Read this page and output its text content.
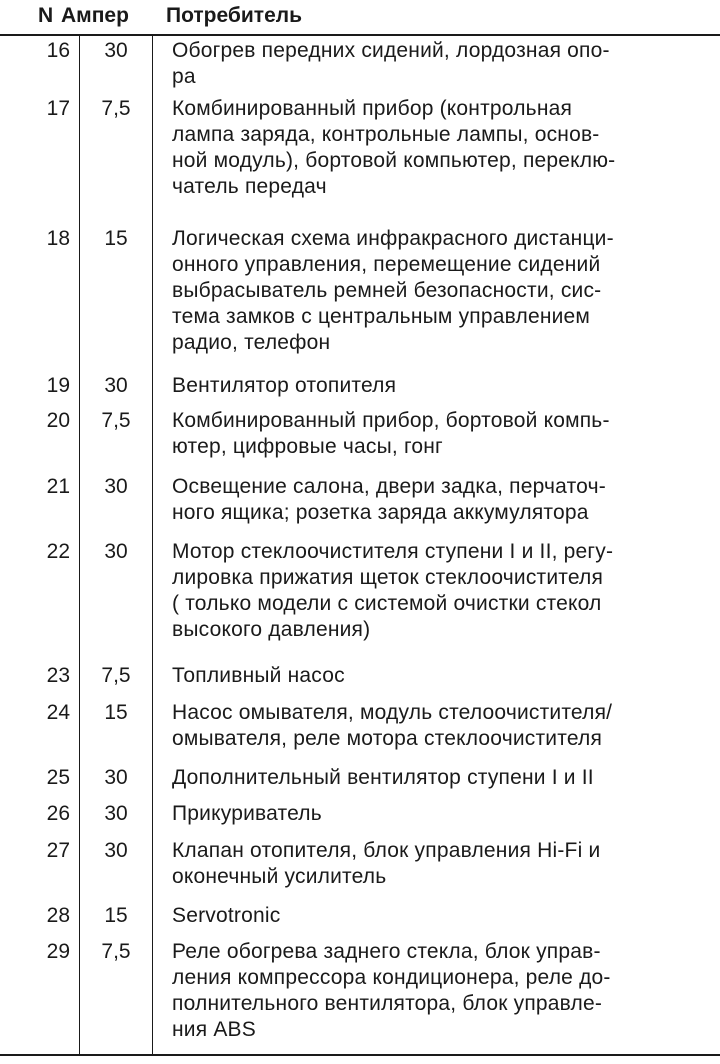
N Ампер Потребитель
16	30	Обогрев передних сидений, лордозная опо-
ра
17	7,5	Комбинированный прибор (контрольная
лампа заряда, контрольные лампы, основ-
ной модуль), бортовой компьютер, переклю-
чатель передач
18	15	Логическая схема инфракрасного дистанци-
онного управления, перемещение сидений
выбрасыватель ремней безопасности, сис-
тема замков с центральным управлением
радио, телефон
19	30	Вентилятор отопителя
20	7,5	Комбинированный прибор, бортовой компь-
ютер, цифровые часы, гонг
21	30	Освещение салона, двери задка, перчаточ-
ного ящика; розетка заряда аккумулятора
22	30	Мотор стеклоочистителя ступени I и II, регу-
лировка прижатия щеток стеклоочистителя
( только модели с системой очистки стекол
высокого давления)
23	7,5	Топливный насос
24	15	Насос омывателя, модуль стелоочистителя/
омывателя, реле мотора стеклоочистителя
25	30	Дополнительный вентилятор ступени I и II
26	30	Прикуриватель
27	30	Клапан отопителя, блок управления Hi-Fi и
оконечный усилитель
28	15	Servotronic
29	7,5	Реле обогрева заднего стекла, блок управ-
ления компрессора кондиционера, реле до-
полнительного вентилятора, блок управле-
ния ABS
